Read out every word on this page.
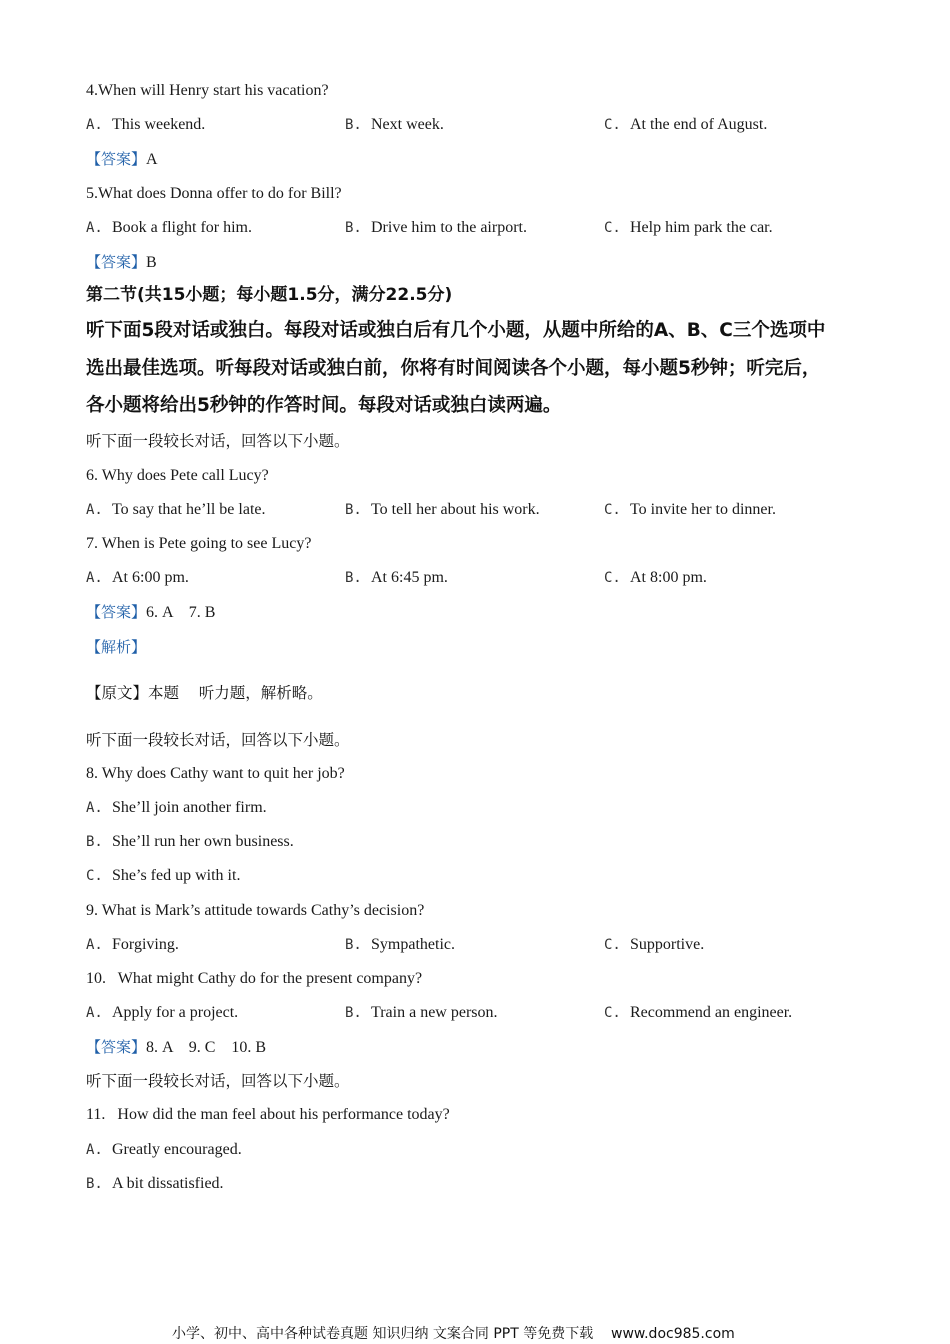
4.When will Henry start his vacation?
A. This weekend.	B. Next week.	C. At the end of August.
【答案】A
5.What does Donna offer to do for Bill?
A. Book a flight for him.	B. Drive him to the airport.	C. Help him park the car.
【答案】B
第二节(共15小题；每小题1.5分，满分22.5分)
听下面5段对话或独白。每段对话或独白后有几个小题，从题中所给的A、B、C三个选项中
选出最佳选项。听每段对话或独白前，你将有时间阅读各个小题，每小题5秒钟；听完后，
各小题将给出5秒钟的作答时间。每段对话或独白读两遍。
听下面一段较长对话，回答以下小题。
6. Why does Pete call Lucy?
A. To say that he’ll be late.	B. To tell her about his work.	C. To invite her to dinner.
7. When is Pete going to see Lucy?
A. At 6:00 pm.	B. At 6:45 pm.	C. At 8:00 pm.
【答案】6. A    7. B
【解析】
【原文】本题    听力题，解析略。
听下面一段较长对话，回答以下小题。
8. Why does Cathy want to quit her job?
A. She’ll join another firm.
B. She’ll run her own business.
C. She’s fed up with it.
9. What is Mark’s attitude towards Cathy’s decision?
A. Forgiving.	B. Sympathetic.	C. Supportive.
10.   What might Cathy do for the present company?
A. Apply for a project.	B. Train a new person.	C. Recommend an engineer.
【答案】8. A    9. C    10. B
听下面一段较长对话，回答以下小题。
11.   How did the man feel about his performance today?
A. Greatly encouraged.
B. A bit dissatisfied.
小学、初中、高中各种试卷真题 知识归纳 文案合同 PPT 等免费下载    www.doc985.com
